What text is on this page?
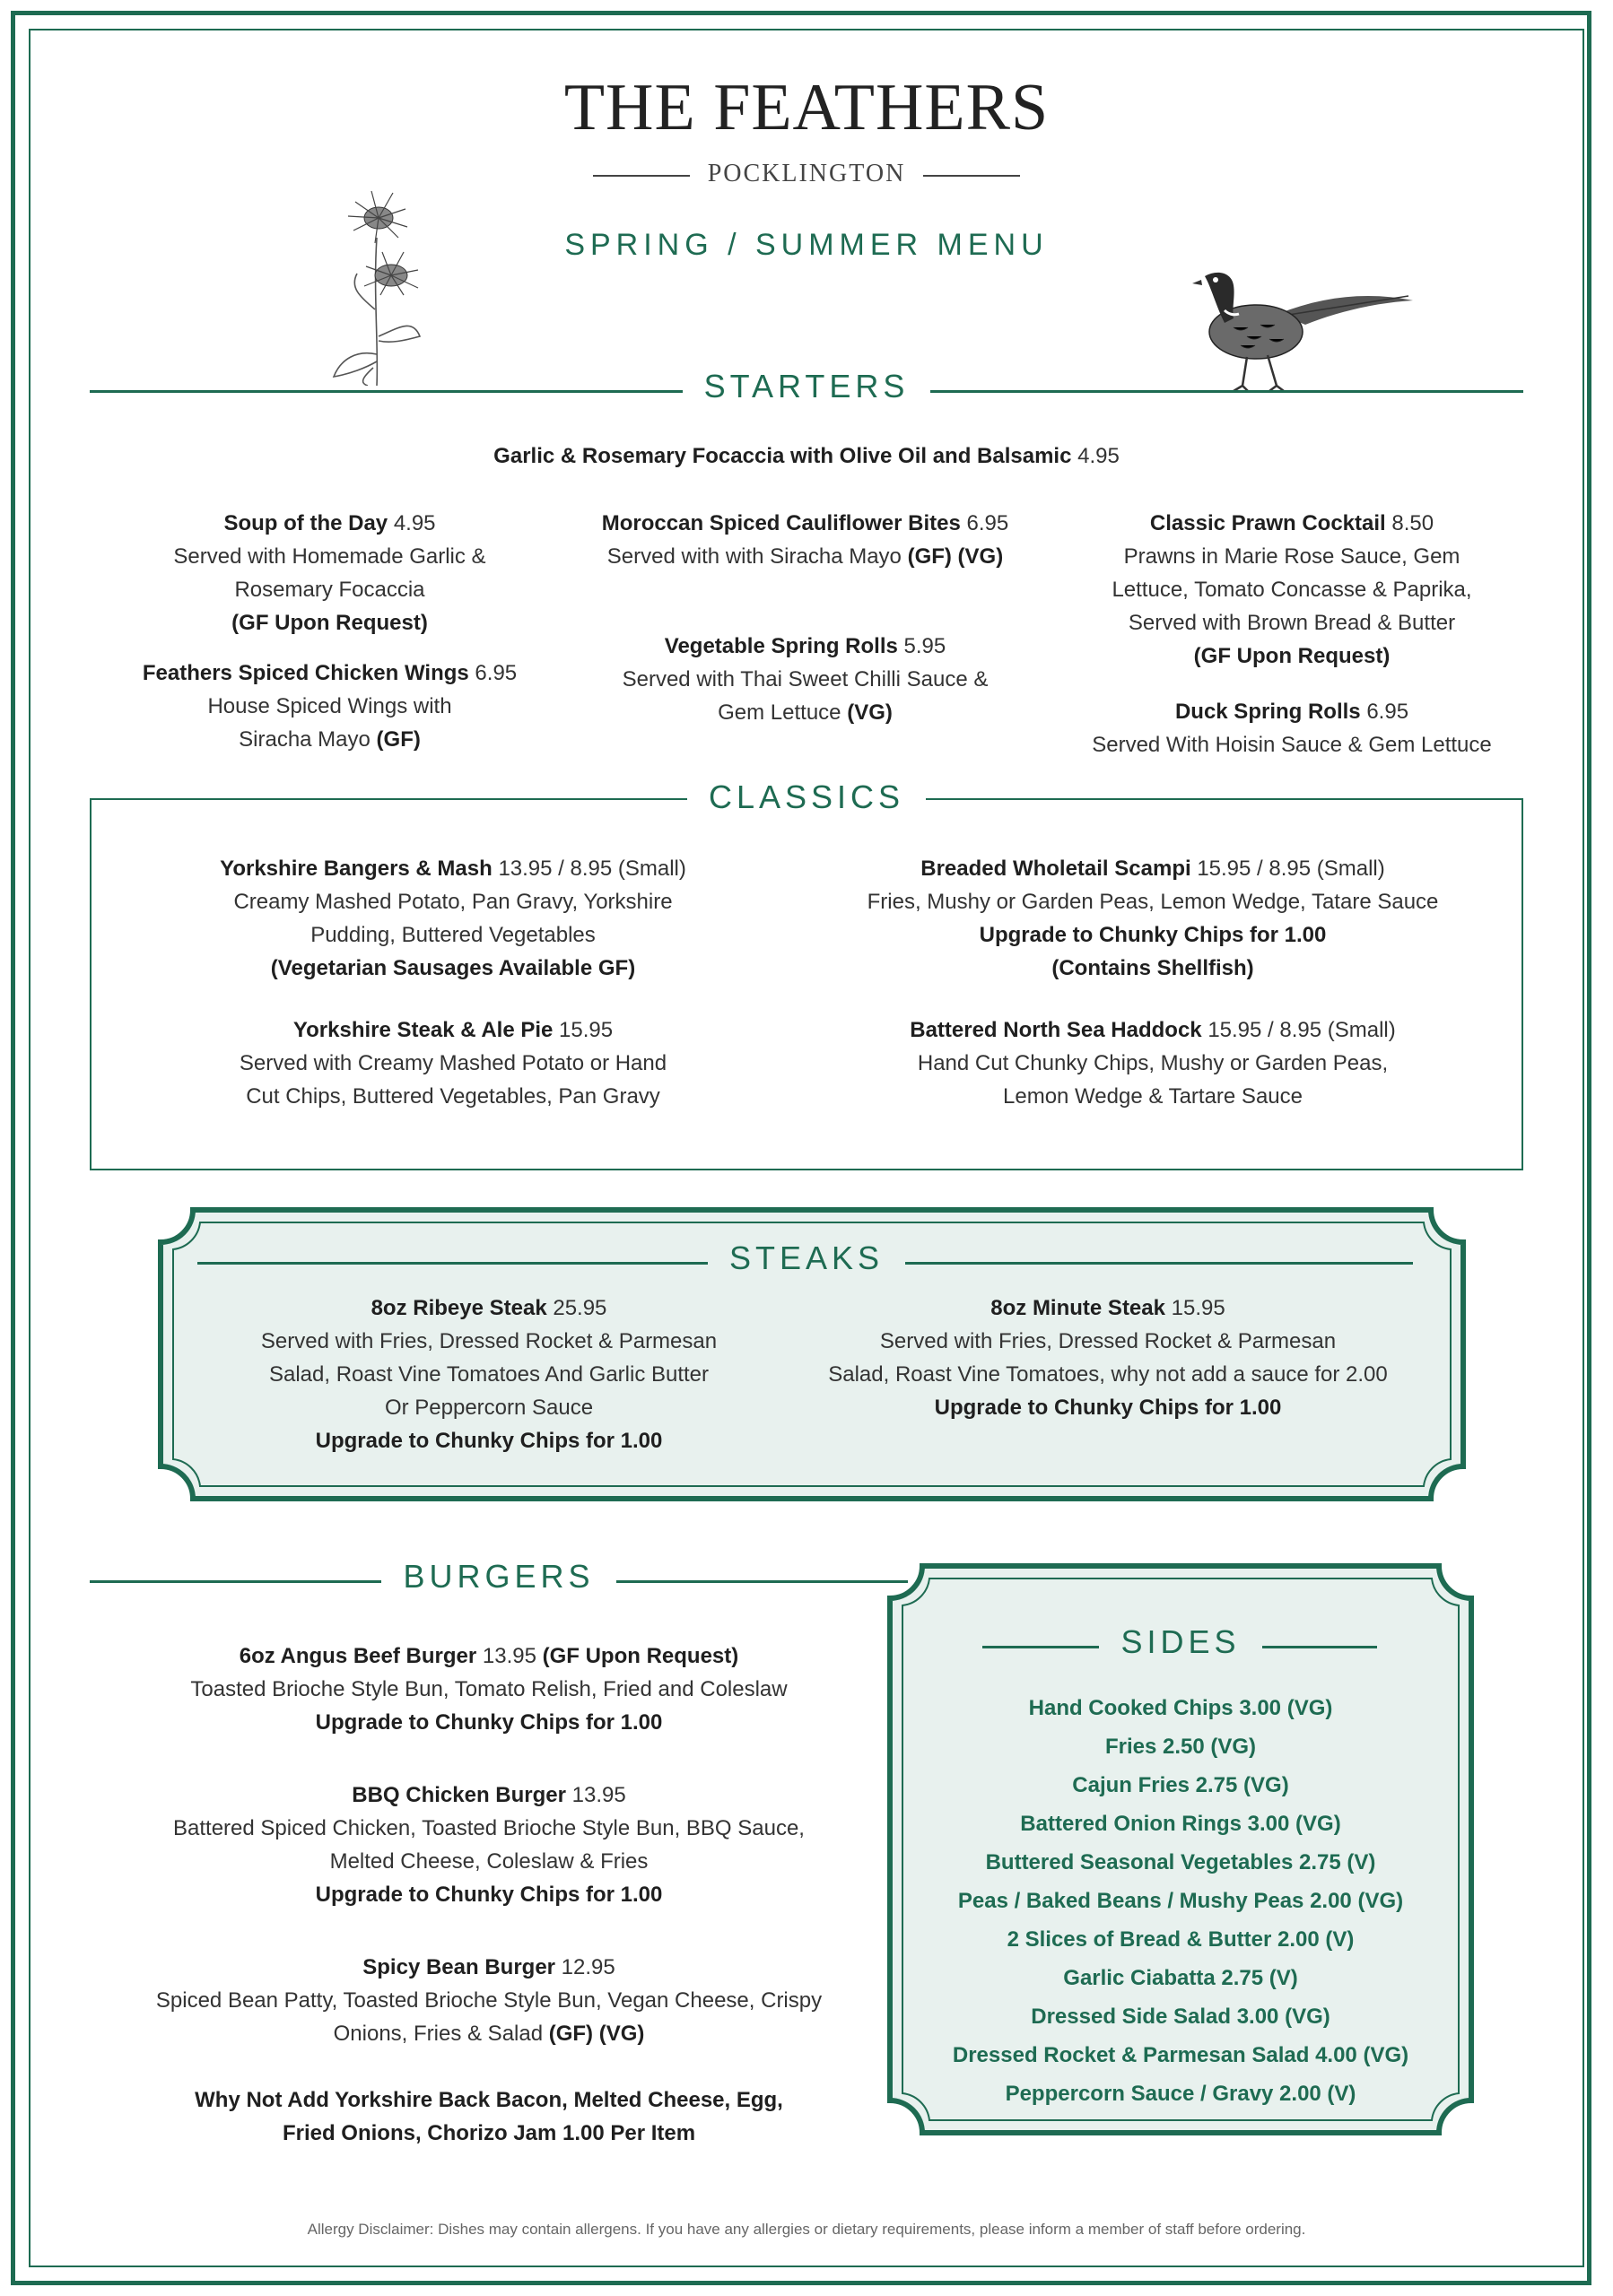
THE FEATHERS
POCKLINGTON
SPRING / SUMMER MENU
STARTERS
Garlic & Rosemary Focaccia with Olive Oil and Balsamic 4.95
Soup of the Day 4.95
Served with Homemade Garlic &
Rosemary Focaccia
(GF Upon Request)
Feathers Spiced Chicken Wings 6.95
House Spiced Wings with
Siracha Mayo (GF)
Moroccan Spiced Cauliflower Bites 6.95
Served with with Siracha Mayo (GF) (VG)
Vegetable Spring Rolls 5.95
Served with Thai Sweet Chilli Sauce &
Gem Lettuce (VG)
Classic Prawn Cocktail 8.50
Prawns in Marie Rose Sauce, Gem
Lettuce, Tomato Concasse & Paprika,
Served with Brown Bread & Butter
(GF Upon Request)
Duck Spring Rolls 6.95
Served With Hoisin Sauce & Gem Lettuce
CLASSICS
Yorkshire Bangers & Mash 13.95 / 8.95 (Small)
Creamy Mashed Potato, Pan Gravy, Yorkshire
Pudding, Buttered Vegetables
(Vegetarian Sausages Available GF)
Yorkshire Steak & Ale Pie 15.95
Served with Creamy Mashed Potato or Hand
Cut Chips, Buttered Vegetables, Pan Gravy
Breaded Wholetail Scampi 15.95 / 8.95 (Small)
Fries, Mushy or Garden Peas, Lemon Wedge, Tatare Sauce
Upgrade to Chunky Chips for 1.00
(Contains Shellfish)
Battered North Sea Haddock 15.95 / 8.95 (Small)
Hand Cut Chunky Chips, Mushy or Garden Peas,
Lemon Wedge & Tartare Sauce
STEAKS
8oz Ribeye Steak 25.95
Served with Fries, Dressed Rocket & Parmesan
Salad, Roast Vine Tomatoes And Garlic Butter
Or Peppercorn Sauce
Upgrade to Chunky Chips for 1.00
8oz Minute Steak 15.95
Served with Fries, Dressed Rocket & Parmesan
Salad, Roast Vine Tomatoes, why not add a sauce for 2.00
Upgrade to Chunky Chips for 1.00
BURGERS
6oz Angus Beef Burger 13.95 (GF Upon Request)
Toasted Brioche Style Bun, Tomato Relish, Fried and Coleslaw
Upgrade to Chunky Chips for 1.00
BBQ Chicken Burger 13.95
Battered Spiced Chicken, Toasted Brioche Style Bun, BBQ Sauce,
Melted Cheese, Coleslaw & Fries
Upgrade to Chunky Chips for 1.00
Spicy Bean Burger 12.95
Spiced Bean Patty, Toasted Brioche Style Bun, Vegan Cheese, Crispy
Onions, Fries & Salad (GF) (VG)
Why Not Add Yorkshire Back Bacon, Melted Cheese, Egg,
Fried Onions, Chorizo Jam 1.00 Per Item
SIDES
Hand Cooked Chips 3.00 (VG)
Fries 2.50 (VG)
Cajun Fries 2.75 (VG)
Battered Onion Rings 3.00 (VG)
Buttered Seasonal Vegetables 2.75 (V)
Peas / Baked Beans / Mushy Peas 2.00 (VG)
2 Slices of Bread & Butter 2.00 (V)
Garlic Ciabatta 2.75 (V)
Dressed Side Salad 3.00 (VG)
Dressed Rocket & Parmesan Salad 4.00 (VG)
Peppercorn Sauce / Gravy 2.00 (V)
Allergy Disclaimer: Dishes may contain allergens. If you have any allergies or dietary requirements, please inform a member of staff before ordering.
